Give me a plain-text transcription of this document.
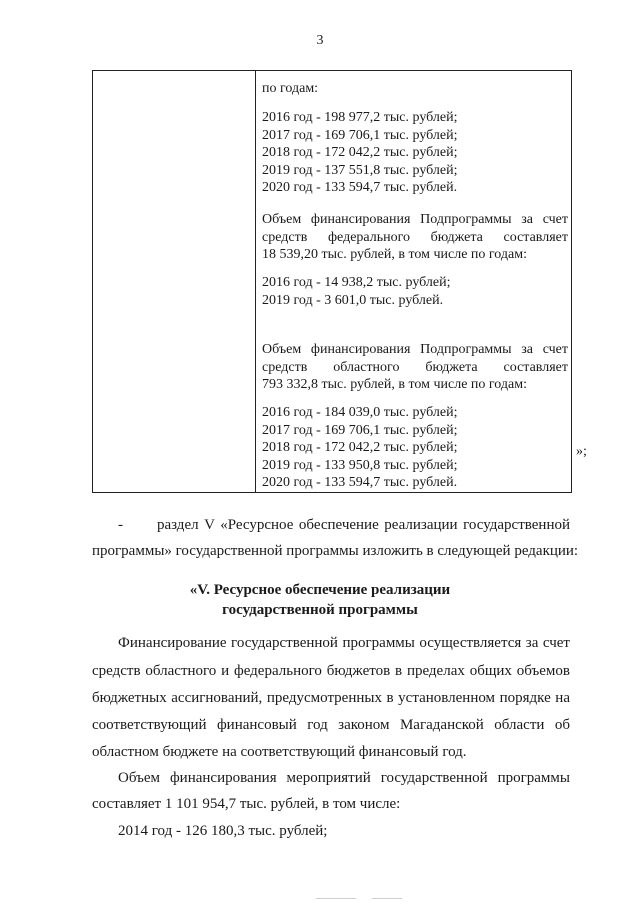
3
по годам:
2016 год - 198 977,2 тыс. рублей;
2017 год - 169 706,1 тыс. рублей;
2018 год - 172 042,2 тыс. рублей;
2019 год - 137 551,8 тыс. рублей;
2020 год - 133 594,7 тыс. рублей.
Объем финансирования Подпрограммы за счет
средств федерального бюджета составляет
18 539,20 тыс. рублей, в том числе по годам:
2016 год - 14 938,2 тыс. рублей;
2019 год - 3 601,0 тыс. рублей.
Объем финансирования Подпрограммы за счет
средств областного бюджета составляет
793 332,8 тыс. рублей, в том числе по годам:
2016 год - 184 039,0 тыс. рублей;
2017 год - 169 706,1 тыс. рублей;
2018 год - 172 042,2 тыс. рублей;
2019 год - 133 950,8 тыс. рублей;
2020 год - 133 594,7 тыс. рублей.
»;
- раздел V «Ресурсное обеспечение реализации государственной
программы» государственной программы изложить в следующей редакции:
«V. Ресурсное обеспечение реализации
государственной программы
Финансирование государственной программы осуществляется за счет
средств областного и федерального бюджетов в пределах общих объемов
бюджетных ассигнований, предусмотренных в установленном порядке на
соответствующий финансовый год законом Магаданской области об
областном бюджете на соответствующий финансовый год.
Объем финансирования мероприятий государственной программы
составляет 1 101 954,7 тыс. рублей, в том числе:
2014 год - 126 180,3 тыс. рублей;
